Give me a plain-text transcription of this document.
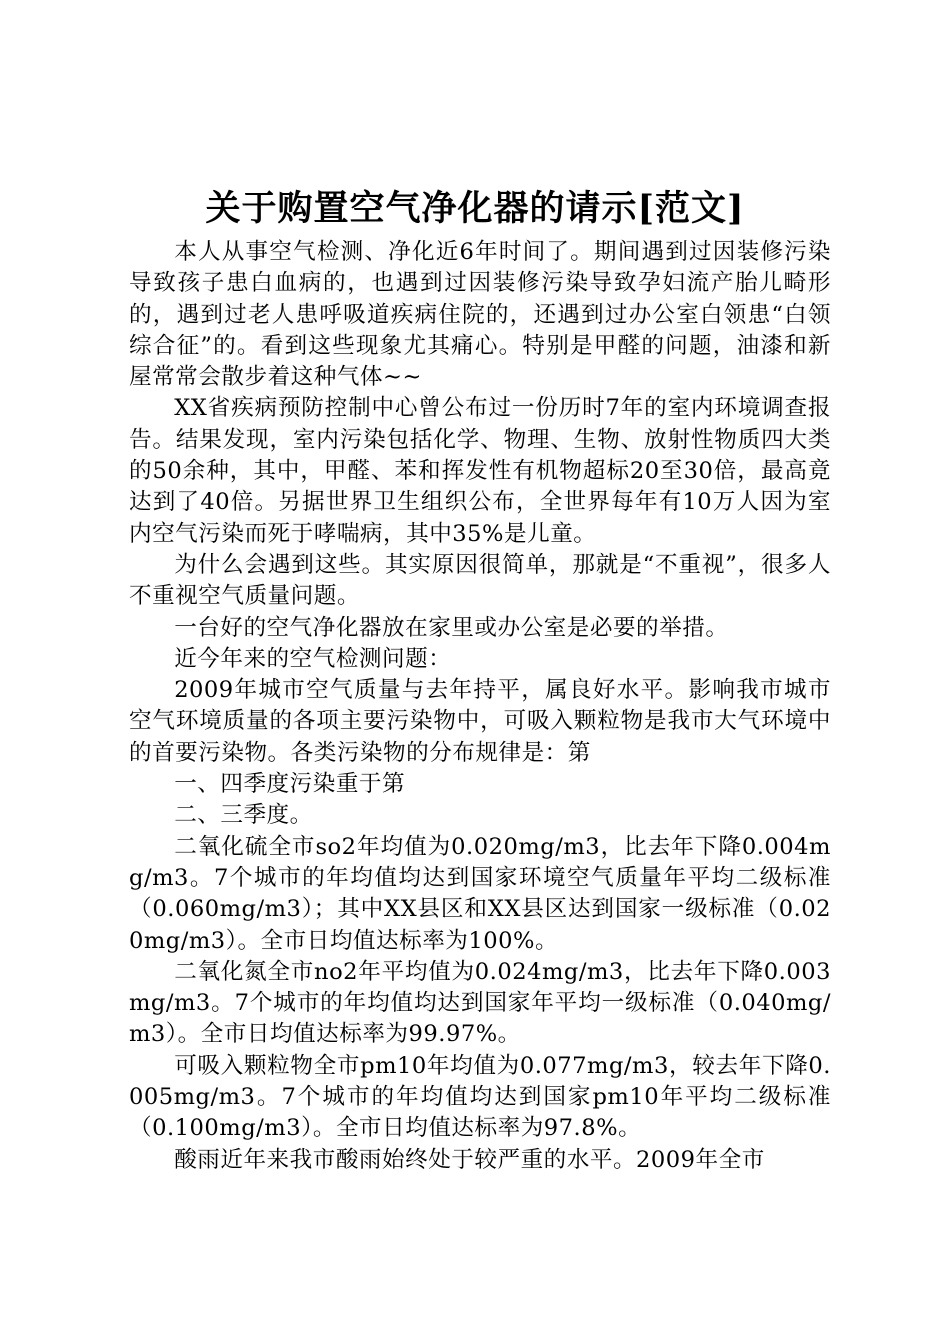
关于购置空气净化器的请示[范文]

本人从事空气检测、净化近6年时间了。期间遇到过因装修污染导致孩子患白血病的，也遇到过因装修污染导致孕妇流产胎儿畸形的，遇到过老人患呼吸道疾病住院的，还遇到过办公室白领患“白领综合征”的。看到这些现象尤其痛心。特别是甲醛的问题，油漆和新屋常常会散步着这种气体~~

XX省疾病预防控制中心曾公布过一份历时7年的室内环境调查报告。结果发现，室内污染包括化学、物理、生物、放射性物质四大类的50余种，其中，甲醛、苯和挥发性有机物超标20至30倍，最高竟达到了40倍。另据世界卫生组织公布，全世界每年有10万人因为室内空气污染而死于哮喘病，其中35%是儿童。

为什么会遇到这些。其实原因很简单，那就是“不重视”，很多人不重视空气质量问题。

一台好的空气净化器放在家里或办公室是必要的举措。

近今年来的空气检测问题：

2009年城市空气质量与去年持平，属良好水平。影响我市城市空气环境质量的各项主要污染物中，可吸入颗粒物是我市大气环境中的首要污染物。各类污染物的分布规律是：第

一、四季度污染重于第

二、三季度。

二氧化硫全市so2年均值为0.020mg/m3，比去年下降0.004mg/m3。7个城市的年均值均达到国家环境空气质量年平均二级标准（0.060mg/m3）；其中XX县区和XX县区达到国家一级标准（0.020mg/m3）。全市日均值达标率为100%。

二氧化氮全市no2年平均值为0.024mg/m3，比去年下降0.003mg/m3。7个城市的年均值均达到国家年平均一级标准（0.040mg/m3）。全市日均值达标率为99.97%。

可吸入颗粒物全市pm10年均值为0.077mg/m3，较去年下降0.005mg/m3。7个城市的年均值均达到国家pm10年平均二级标准（0.100mg/m3）。全市日均值达标率为97.8%。

酸雨近年来我市酸雨始终处于较严重的水平。2009年全市
